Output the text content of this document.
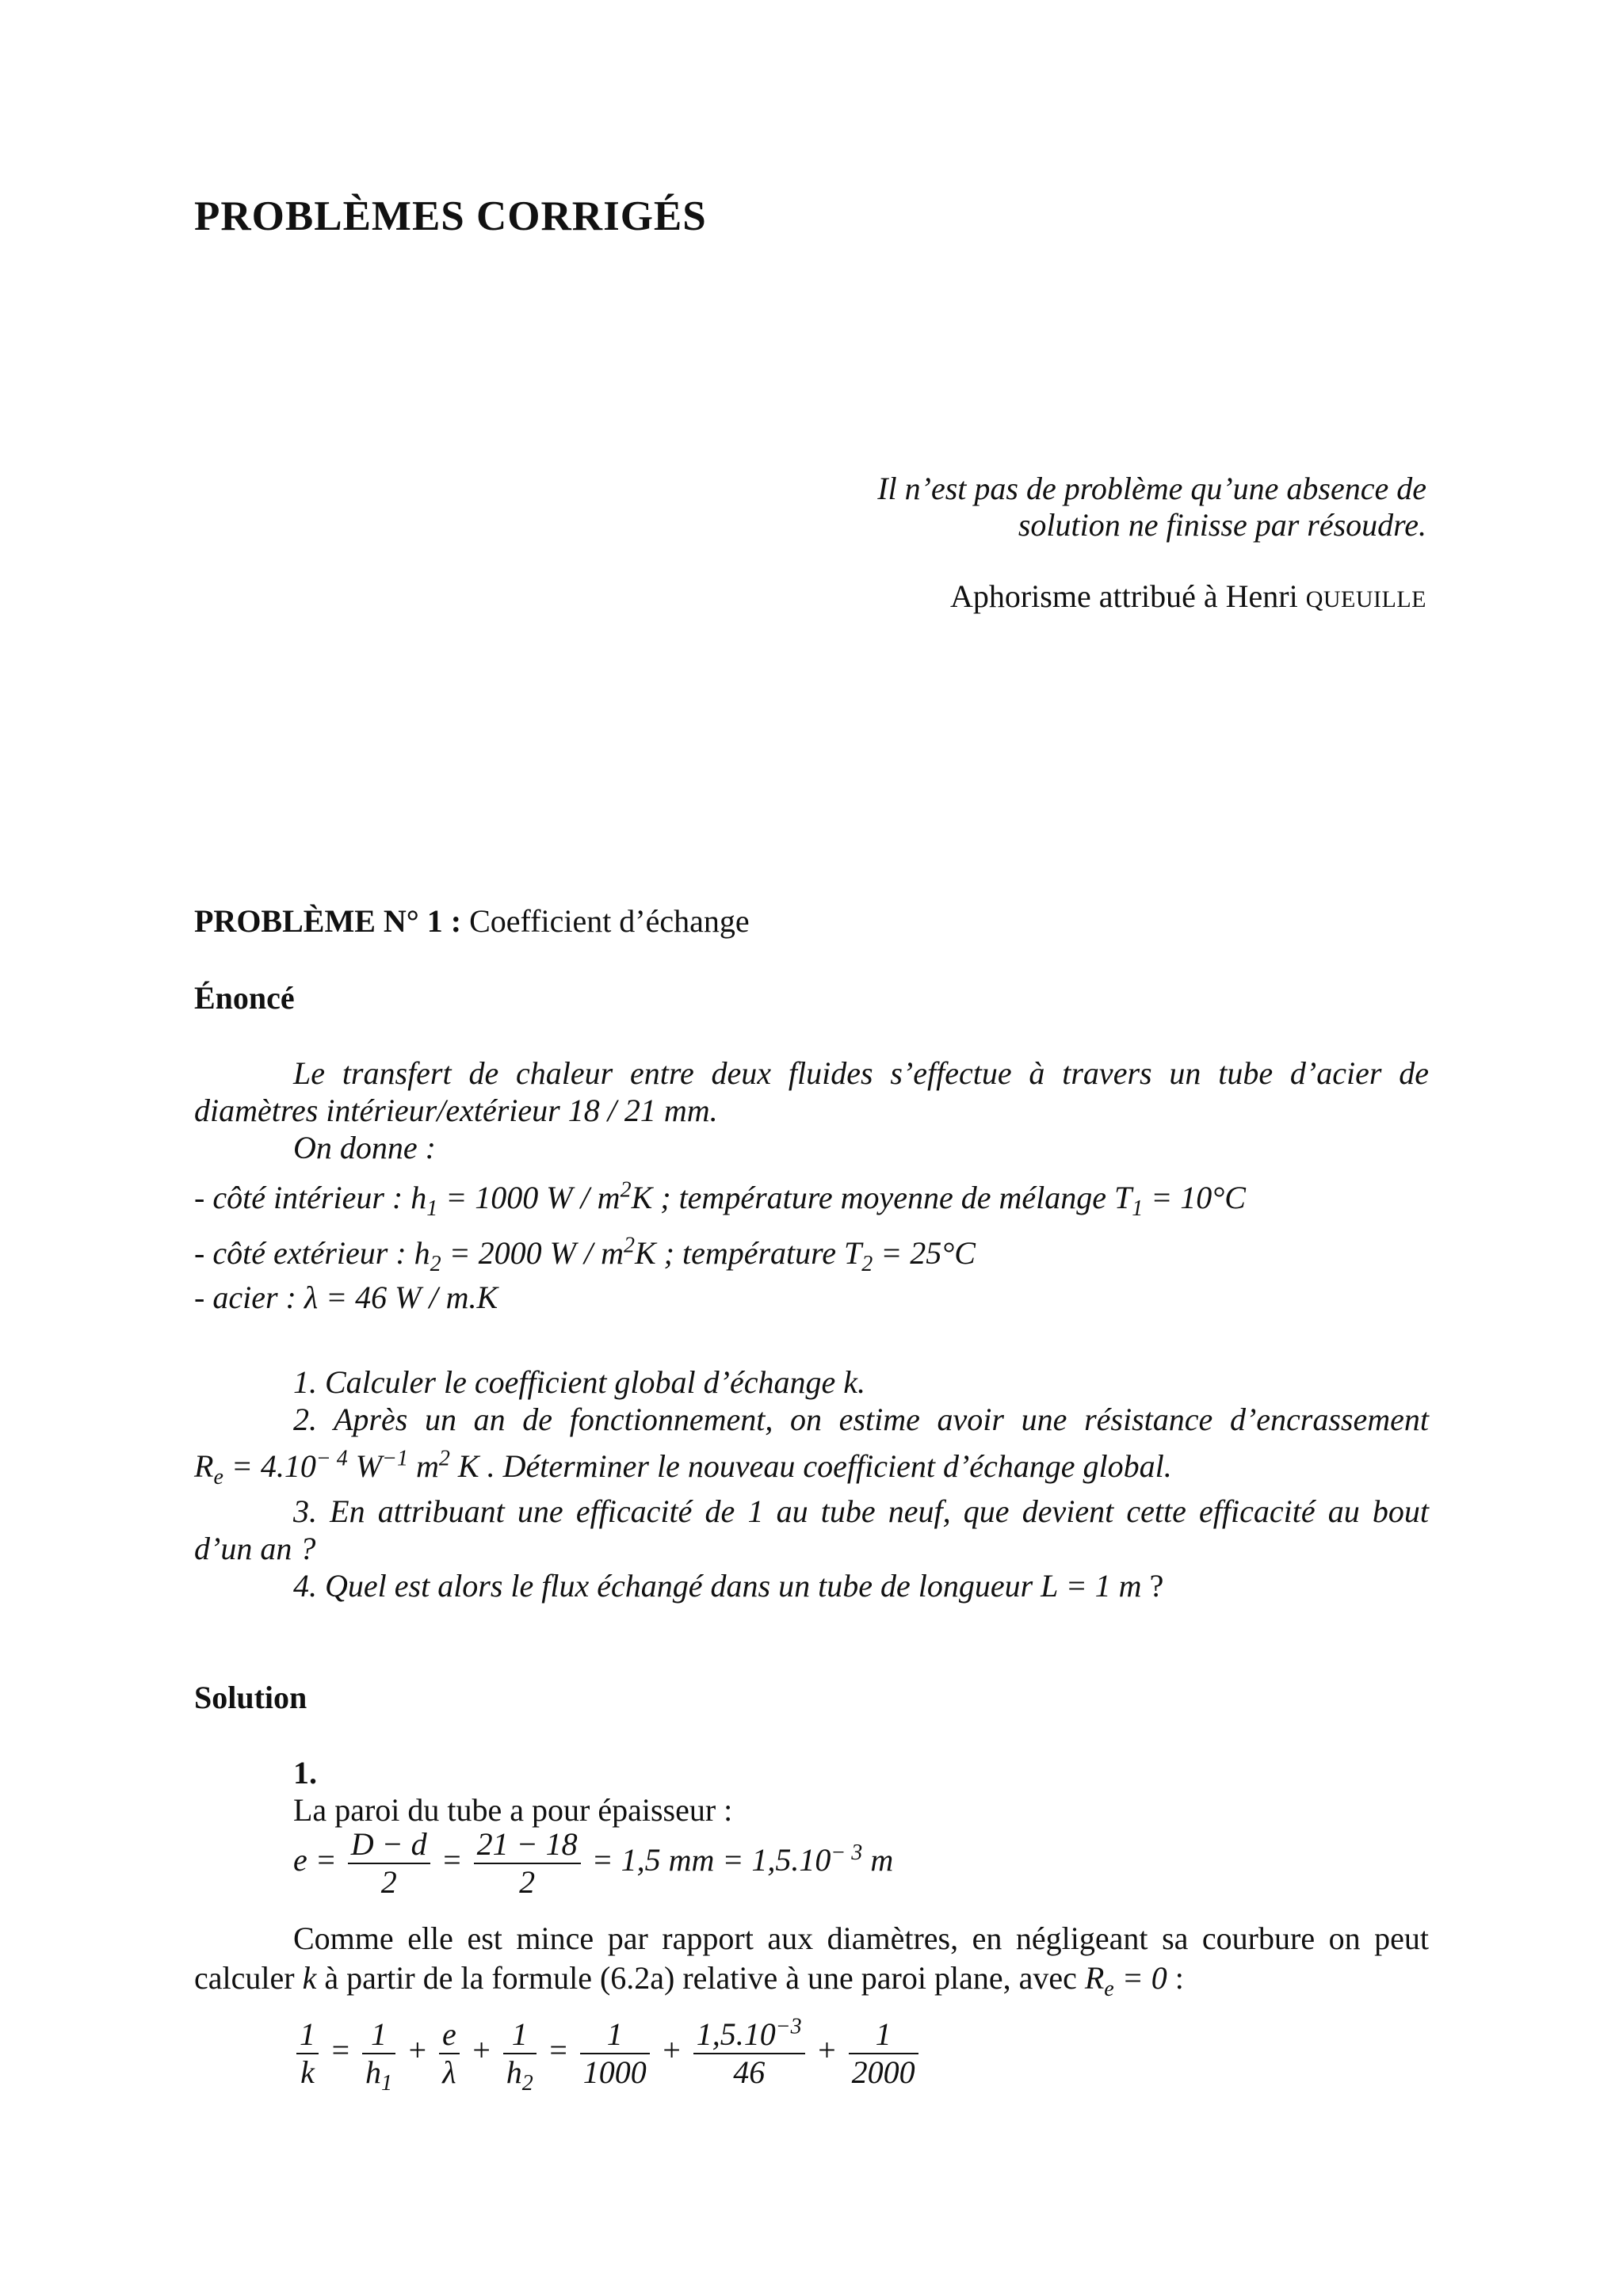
PROBLÈMES CORRIGÉS
Il n’est pas de problème qu’une absence de
solution ne finisse par résoudre.
Aphorisme attribué à Henri QUEUILLE
PROBLÈME N° 1 : Coefficient d’échange
Énoncé
Le transfert de chaleur entre deux fluides s’effectue à travers un tube d’acier de
diamètres intérieur/extérieur 18 / 21 mm.
On donne :
- côté intérieur : $h_1 = 1000$ W / $m^2K$ ; température moyenne de mélange $T_1 = 10^\circ C$
- côté extérieur : $h_2 = 2000$ W / $m^2K$ ; température $T_2 = 25^\circ C$
- acier : λ = 46 W / m.K
1. Calculer le coefficient global d’échange k.
2. Après un an de fonctionnement, on estime avoir une résistance d’encrassement
$R_e = 4.10^{- 4}$ $W^{-1}$ $m^2$ K . Déterminer le nouveau coefficient d’échange global.
3. En attribuant une efficacité de 1 au tube neuf, que devient cette efficacité au bout
d’un an ?
4. Quel est alors le flux échangé dans un tube de longueur L = 1 m ?
Solution
1.
La paroi du tube a pour épaisseur :
$e = \frac{D - d}{2} = \frac{21 - 18}{2} = 1,5$ mm = $1,5.10^{- 3}$ m
Comme elle est mince par rapport aux diamètres, en négligeant sa courbure on peut
calculer k à partir de la formule (6.2a) relative à une paroi plane, avec $R_e = 0$ :
$\frac{1}{k} = \frac{1}{h_1} + \frac{e}{\lambda} + \frac{1}{h_2} = \frac{1}{1000} + \frac{1,5.10^{-3}}{46} + \frac{1}{2000}$
